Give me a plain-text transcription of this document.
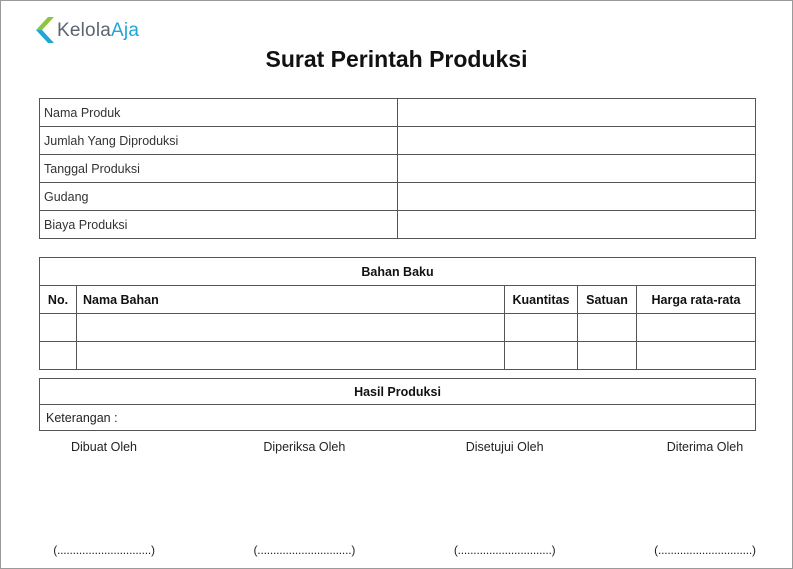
KelolaAja
Surat Perintah Produksi
Nama Produk	
Jumlah Yang Diproduksi	
Tanggal Produksi	
Gudang	
Biaya Produksi	
Bahan Baku				
No.	Nama Bahan	Kuantitas	Satuan	Harga rata-rata

Hasil Produksi
Keterangan :
Dibuat Oleh	Diperiksa Oleh	Disetujui Oleh	Diterima Oleh
(..............................)	(..............................)	(..............................)	(..............................)
